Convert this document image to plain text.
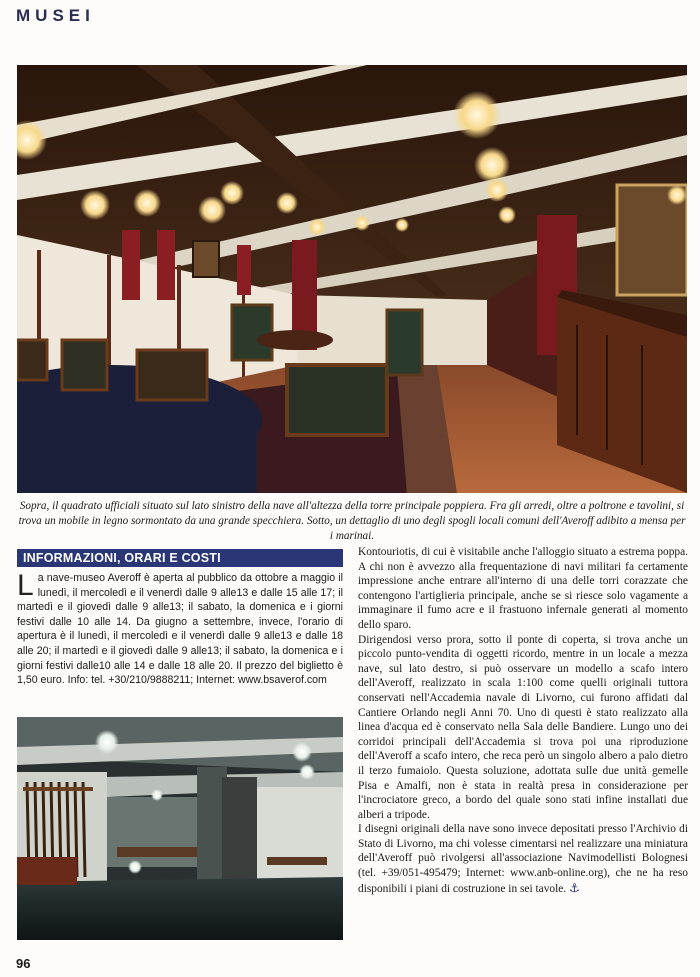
MUSEI
Sopra, il quadrato ufficiali situato sul lato sinistro della nave all'altezza della torre principale poppiera. Fra gli arredi, oltre a poltrone e tavolini, si trova un mobile in legno sormontato da una grande specchiera. Sotto, un dettaglio di uno degli spogli locali comuni dell'Averoff adibito a mensa per i marinai.
INFORMAZIONI, ORARI E COSTI
La nave-museo Averoff è aperta al pubblico da ottobre a maggio il lunedì, il mercoledì e il venerdì dalle 9 alle13 e dalle 15 alle 17; il martedì e il giovedì dalle 9 alle13; il sabato, la domenica e i giorni festivi dalle 10 alle 14. Da giugno a settembre, invece, l'orario di apertura è il lunedì, il mercoledì e il venerdì dalle 9 alle13 e dalle 18 alle 20; il martedì e il giovedì dalle 9 alle13; il sabato, la domenica e i giorni festivi dalle10 alle 14 e dalle 18 alle 20. Il prezzo del biglietto è 1,50 euro. Info: tel. +30/210/9888211; Internet: www.bsaverof.com

Kontouriotis, di cui è visitabile anche l'alloggio situato a estrema poppa. A chi non è avvezzo alla frequentazione di navi militari fa certamente impressione anche entrare all'interno di una delle torri corazzate che contengono l'artiglieria principale, anche se si riesce solo vagamente a immaginare il fumo acre e il frastuono infernale generati al momento dello sparo.

Dirigendosi verso prora, sotto il ponte di coperta, si trova anche un piccolo punto-vendita di oggetti ricordo, mentre in un locale a mezza nave, sul lato destro, si può osservare un modello a scafo intero dell'Averoff, realizzato in scala 1:100 come quelli originali tuttora conservati nell'Accademia navale di Livorno, cui furono affidati dal Cantiere Orlando negli Anni 70. Uno di questi è stato realizzato alla linea d'acqua ed è conservato nella Sala delle Bandiere. Lungo uno dei corridoi principali dell'Accademia si trova poi una riproduzione dell'Averoff a scafo intero, che reca però un singolo albero a palo dietro il terzo fumaiolo. Questa soluzione, adottata sulle due unità gemelle Pisa e Amalfi, non è stata in realtà presa in considerazione per l'incrociatore greco, a bordo del quale sono stati infine installati due alberi a tripode.

I disegni originali della nave sono invece depositati presso l'Archivio di Stato di Livorno, ma chi volesse cimentarsi nel realizzare una miniatura dell'Averoff può rivolgersi all'associazione Navimodellisti Bolognesi (tel. +39/051-495479; Internet: www.anb-online.org), che ne ha reso disponibili i piani di costruzione in sei tavole. ⚓

96
